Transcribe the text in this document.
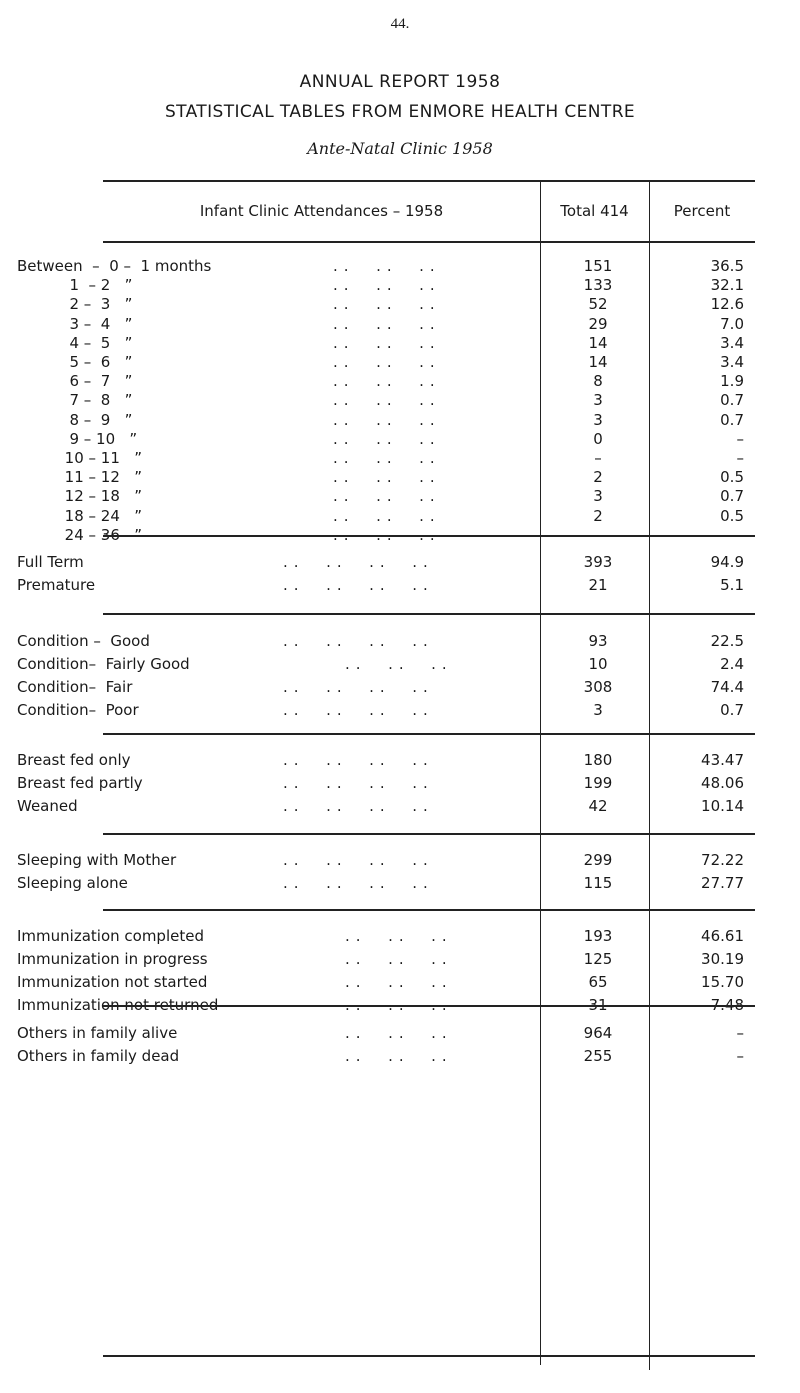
44.
ANNUAL REPORT 1958
STATISTICAL TABLES FROM ENMORE HEALTH CENTRE
Ante-Natal Clinic 1958
Infant Clinic Attendances – 1958	Total 414	Percent
Between  –  0 –  1 months	..  ..  ..	151	36.5
1  – 2   ”	..  ..  ..	133	32.1
2 –  3   ”	..  ..  ..	52	12.6
3 –  4   ”	..  ..  ..	29	7.0
4 –  5   ”	..  ..  ..	14	3.4
5 –  6   ”	..  ..  ..	14	3.4
6 –  7   ”	..  ..  ..	8	1.9
7 –  8   ”	..  ..  ..	3	0.7
8 –  9   ”	..  ..  ..	3	0.7
9 – 10   ”	..  ..  ..	0	–
10 – 11   ”	..  ..  ..	–	–
11 – 12   ”	..  ..  ..	2	0.5
12 – 18   ”	..  ..  ..	3	0.7
18 – 24   ”	..  ..  ..	2	0.5
24 – 36   ”	..  ..  ..	–	–
Full Term	..  ..  ..  ..	393	94.9
Premature	..  ..  ..  ..	21	5.1
Condition –  Good	..  ..  ..  ..	93	22.5
Condition–  Fairly Good	..  ..  ..	10	2.4
Condition–  Fair	..  ..  ..  ..	308	74.4
Condition–  Poor	..  ..  ..  ..	3	0.7
Breast fed only	..  ..  ..  ..	180	43.47
Breast fed partly	..  ..  ..  ..	199	48.06
Weaned	..  ..  ..  ..	42	10.14
Sleeping with Mother	..  ..  ..  ..	299	72.22
Sleeping alone	..  ..  ..  ..	115	27.77
Immunization completed	..  ..  ..	193	46.61
Immunization in progress	..  ..  ..	125	30.19
Immunization not started	..  ..  ..	65	15.70
Immunization not returned	..  ..  ..	31	7.48
Others in family alive	..  ..  ..	964	–
Others in family dead	..  ..  ..	255	–
